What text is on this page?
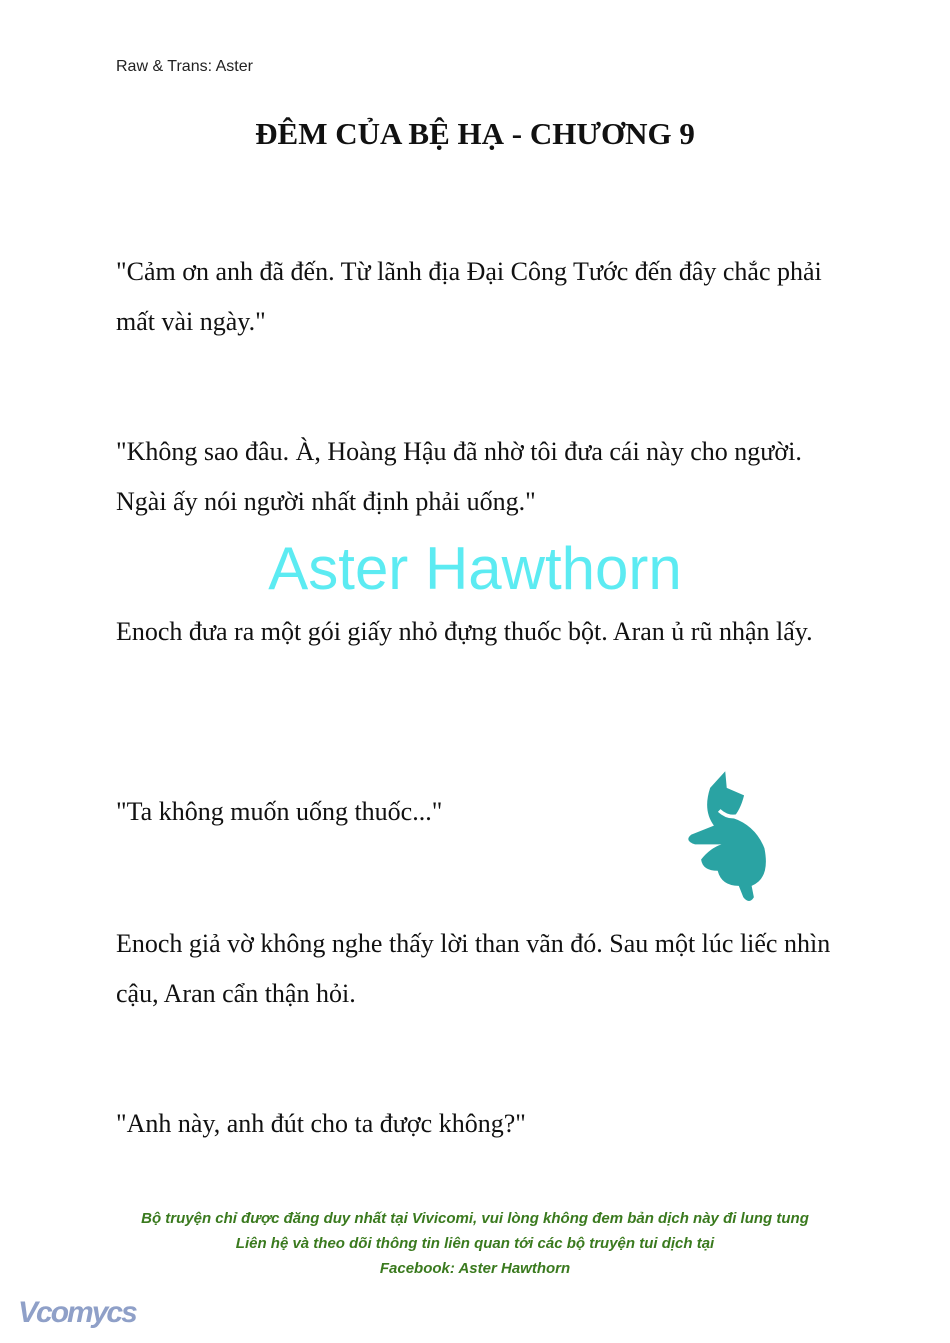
Raw & Trans: Aster
ĐÊM CỦA BỆ HẠ - CHƯƠNG 9
"Cảm ơn anh đã đến. Từ lãnh địa Đại Công Tước đến đây chắc phải mất vài ngày."
"Không sao đâu. À, Hoàng Hậu đã nhờ tôi đưa cái này cho người. Ngài ấy nói người nhất định phải uống."
Enoch đưa ra một gói giấy nhỏ đựng thuốc bột. Aran ủ rũ nhận lấy.
"Ta không muốn uống thuốc..."
Enoch giả vờ không nghe thấy lời than vãn đó. Sau một lúc liếc nhìn cậu, Aran cẩn thận hỏi.
"Anh này, anh đút cho ta được không?"
Aster Hawthorn
Bộ truyện chỉ được đăng duy nhất tại Vivicomi, vui lòng không đem bản dịch này đi lung tung
Liên hệ và theo dõi thông tin liên quan tới các bộ truyện tui dịch tại
Facebook: Aster Hawthorn
Vcomycs
